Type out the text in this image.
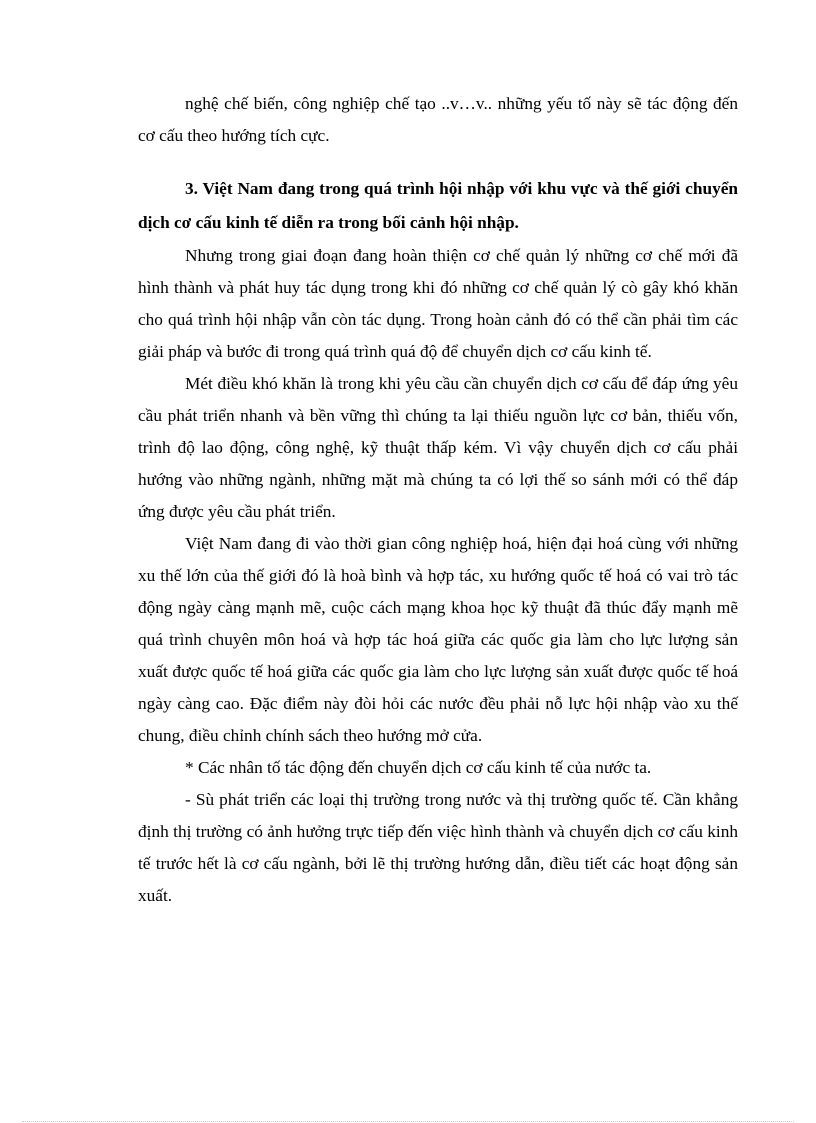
nghệ chế biến, công nghiệp chế tạo ..v…v.. những yếu tố này sẽ tác động đến cơ cấu theo hướng tích cực.

3. Việt Nam đang trong quá trình hội nhập với khu vực và thế giới chuyển dịch cơ cấu kinh tế diễn ra trong bối cảnh hội nhập.

Nhưng trong giai đoạn đang hoàn thiện cơ chế quản lý những cơ chế mới đã hình thành và phát huy tác dụng trong khi đó những cơ chế quản lý cò gây khó khăn cho quá trình hội nhập vẫn còn tác dụng. Trong hoàn cảnh đó có thể cần phải tìm các giải pháp và bước đi trong quá trình quá độ để chuyển dịch cơ cấu kinh tế.

Mét điều khó khăn là trong khi yêu cầu cần chuyển dịch cơ cấu để đáp ứng yêu cầu phát triển nhanh và bền vững thì chúng ta lại thiếu nguồn lực cơ bản, thiếu vốn, trình độ lao động, công nghệ, kỹ thuật thấp kém. Vì vậy chuyển dịch cơ cấu phải hướng vào những ngành, những mặt mà chúng ta có lợi thế so sánh mới có thể đáp ứng được yêu cầu phát triển.

Việt Nam đang đi vào thời gian công nghiệp hoá, hiện đại hoá cùng với những xu thế lớn của thế giới đó là hoà bình và hợp tác, xu hướng quốc tế hoá có vai trò tác động ngày càng mạnh mẽ, cuộc cách mạng khoa học kỹ thuật đã thúc đẩy mạnh mẽ quá trình chuyên môn hoá và hợp tác hoá giữa các quốc gia làm cho lực lượng sản xuất được quốc tế hoá giữa các quốc gia làm cho lực lượng sản xuất được quốc tế hoá ngày càng cao. Đặc điểm này đòi hỏi các nước đều phải nỗ lực hội nhập vào xu thế chung, điều chỉnh chính sách theo hướng mở cửa.

* Các nhân tố tác động đến chuyển dịch cơ cấu kinh tế của nước ta.

- Sù phát triển các loại thị trường trong nước và thị trường quốc tế. Cần khẳng định thị trường có ảnh hưởng trực tiếp đến việc hình thành và chuyển dịch cơ cấu kinh tế trước hết là cơ cấu ngành, bởi lẽ thị trường hướng dẫn, điều tiết các hoạt động sản xuất.
